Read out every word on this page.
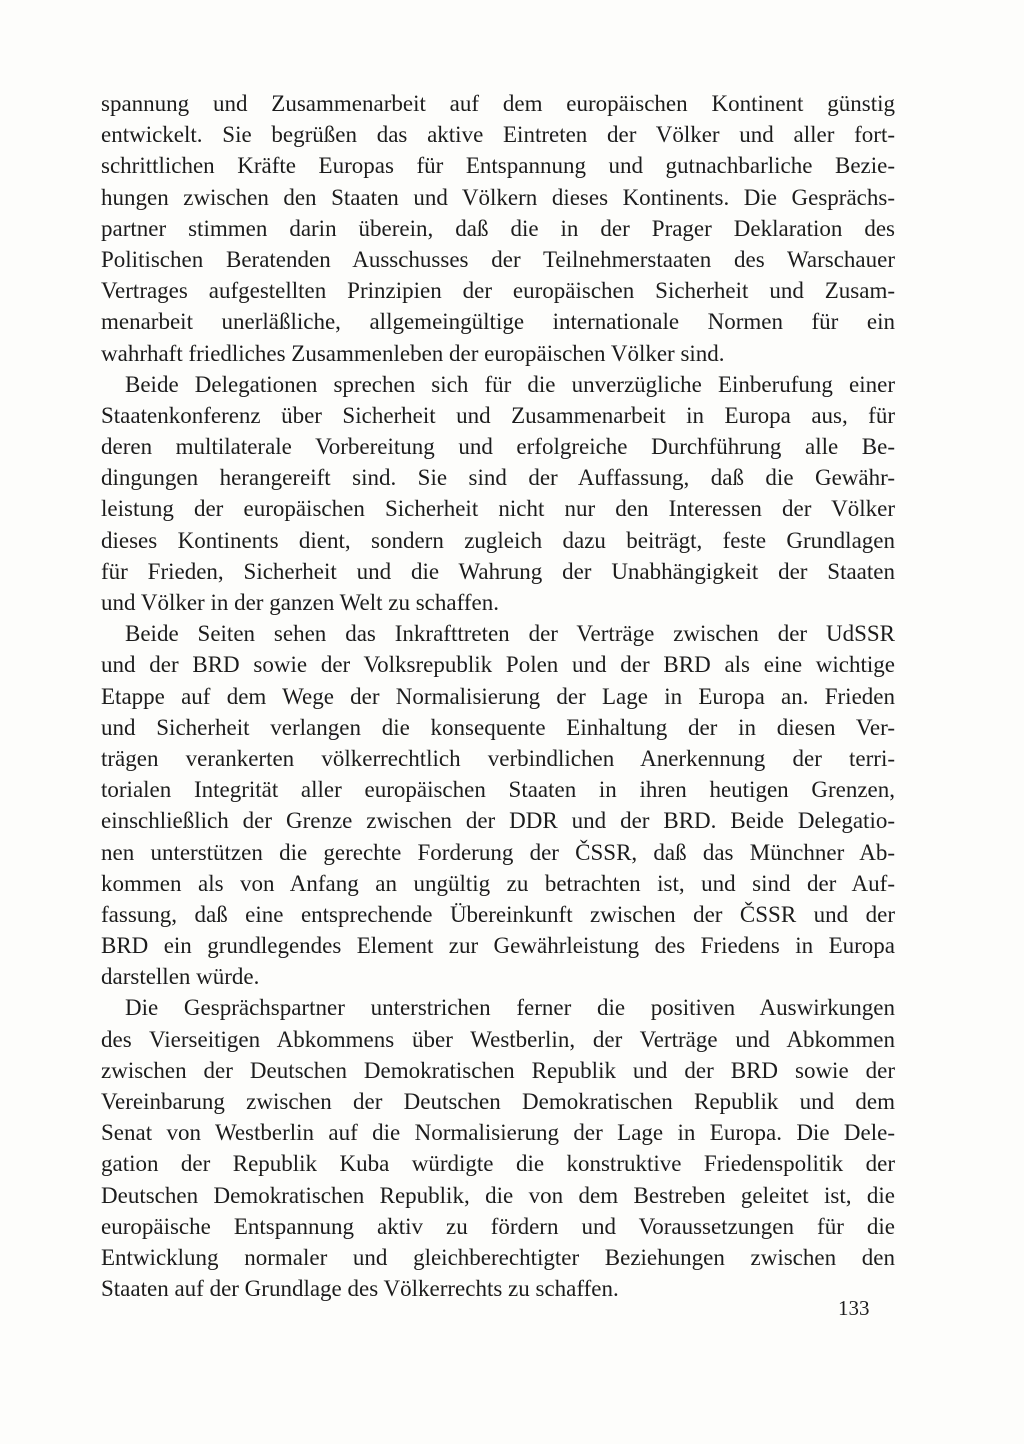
spannung und Zusammenarbeit auf dem europäischen Kontinent günstig
entwickelt. Sie begrüßen das aktive Eintreten der Völker und aller fort-
schrittlichen Kräfte Europas für Entspannung und gutnachbarliche Bezie-
hungen zwischen den Staaten und Völkern dieses Kontinents. Die Gesprächs-
partner stimmen darin überein, daß die in der Prager Deklaration des
Politischen Beratenden Ausschusses der Teilnehmerstaaten des Warschauer
Vertrages aufgestellten Prinzipien der europäischen Sicherheit und Zusam-
menarbeit unerläßliche, allgemeingültige internationale Normen für ein
wahrhaft friedliches Zusammenleben der europäischen Völker sind.
Beide Delegationen sprechen sich für die unverzügliche Einberufung einer
Staatenkonferenz über Sicherheit und Zusammenarbeit in Europa aus, für
deren multilaterale Vorbereitung und erfolgreiche Durchführung alle Be-
dingungen herangereift sind. Sie sind der Auffassung, daß die Gewähr-
leistung der europäischen Sicherheit nicht nur den Interessen der Völker
dieses Kontinents dient, sondern zugleich dazu beiträgt, feste Grundlagen
für Frieden, Sicherheit und die Wahrung der Unabhängigkeit der Staaten
und Völker in der ganzen Welt zu schaffen.
Beide Seiten sehen das Inkrafttreten der Verträge zwischen der UdSSR
und der BRD sowie der Volksrepublik Polen und der BRD als eine wichtige
Etappe auf dem Wege der Normalisierung der Lage in Europa an. Frieden
und Sicherheit verlangen die konsequente Einhaltung der in diesen Ver-
trägen verankerten völkerrechtlich verbindlichen Anerkennung der terri-
torialen Integrität aller europäischen Staaten in ihren heutigen Grenzen,
einschließlich der Grenze zwischen der DDR und der BRD. Beide Delegatio-
nen unterstützen die gerechte Forderung der ČSSR, daß das Münchner Ab-
kommen als von Anfang an ungültig zu betrachten ist, und sind der Auf-
fassung, daß eine entsprechende Übereinkunft zwischen der ČSSR und der
BRD ein grundlegendes Element zur Gewährleistung des Friedens in Europa
darstellen würde.
Die Gesprächspartner unterstrichen ferner die positiven Auswirkungen
des Vierseitigen Abkommens über Westberlin, der Verträge und Abkommen
zwischen der Deutschen Demokratischen Republik und der BRD sowie der
Vereinbarung zwischen der Deutschen Demokratischen Republik und dem
Senat von Westberlin auf die Normalisierung der Lage in Europa. Die Dele-
gation der Republik Kuba würdigte die konstruktive Friedenspolitik der
Deutschen Demokratischen Republik, die von dem Bestreben geleitet ist, die
europäische Entspannung aktiv zu fördern und Voraussetzungen für die
Entwicklung normaler und gleichberechtigter Beziehungen zwischen den
Staaten auf der Grundlage des Völkerrechts zu schaffen.
133
